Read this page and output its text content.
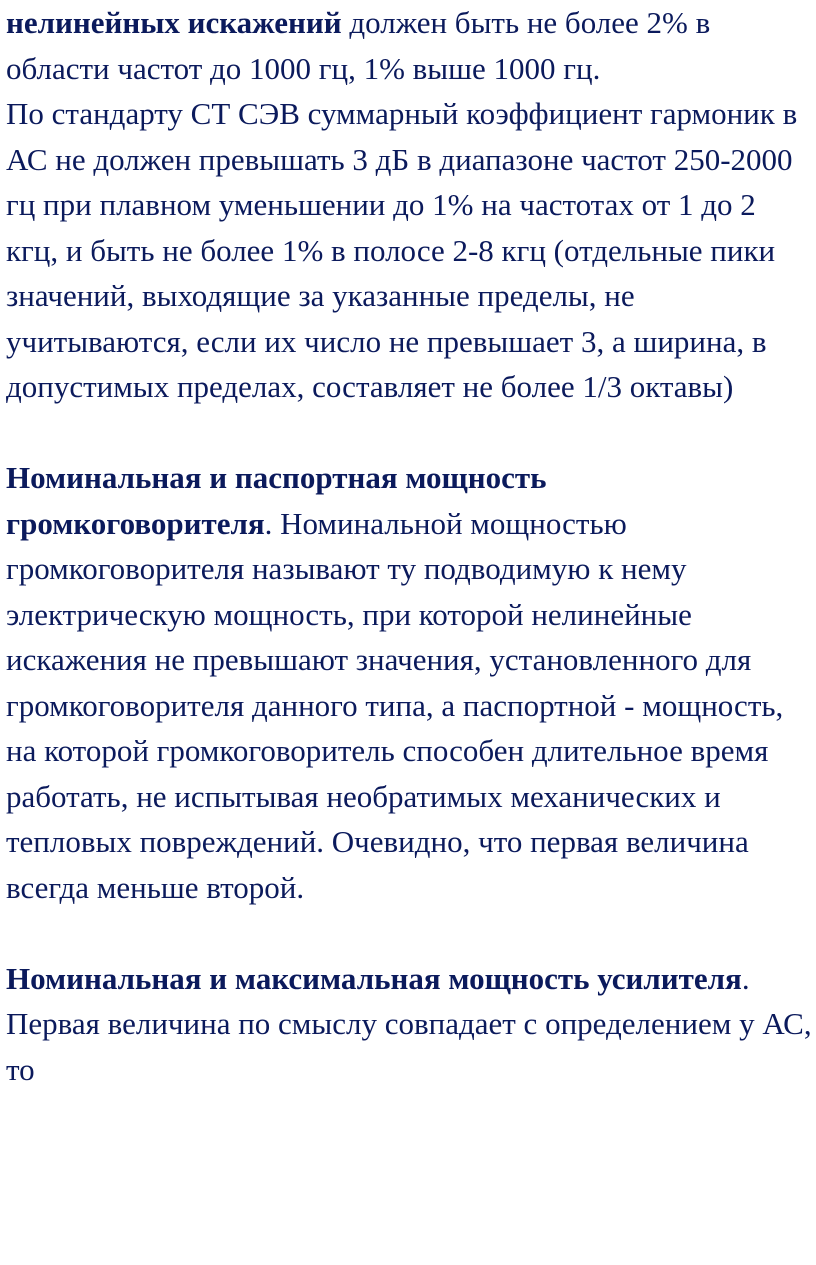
нелинейных искажений должен быть не более 2% в области частот до 1000 гц, 1% выше 1000 гц.

По стандарту СТ СЭВ суммарный коэффициент гармоник в АС не должен превышать 3 дБ в диапазоне частот 250-2000 гц при плавном уменьшении до 1% на частотах от 1 до 2 кгц, и быть не более 1% в полосе 2-8 кгц (отдельные пики значений, выходящие за указанные пределы, не учитываются, если их число не превышает 3, а ширина, в допустимых пределах, составляет не более 1/3 октавы)

Номинальная и паспортная мощность громкоговорителя. Номинальной мощностью громкоговорителя называют ту подводимую к нему электрическую мощность, при которой нелинейные искажения не превышают значения, установленного для громкоговорителя данного типа, а паспортной - мощность, на которой громкоговоритель способен длительное время работать, не испытывая необратимых механических и тепловых повреждений. Очевидно, что первая величина всегда меньше второй.

Номинальная и максимальная мощность усилителя. Первая величина по смыслу совпадает с определением у АС, то
